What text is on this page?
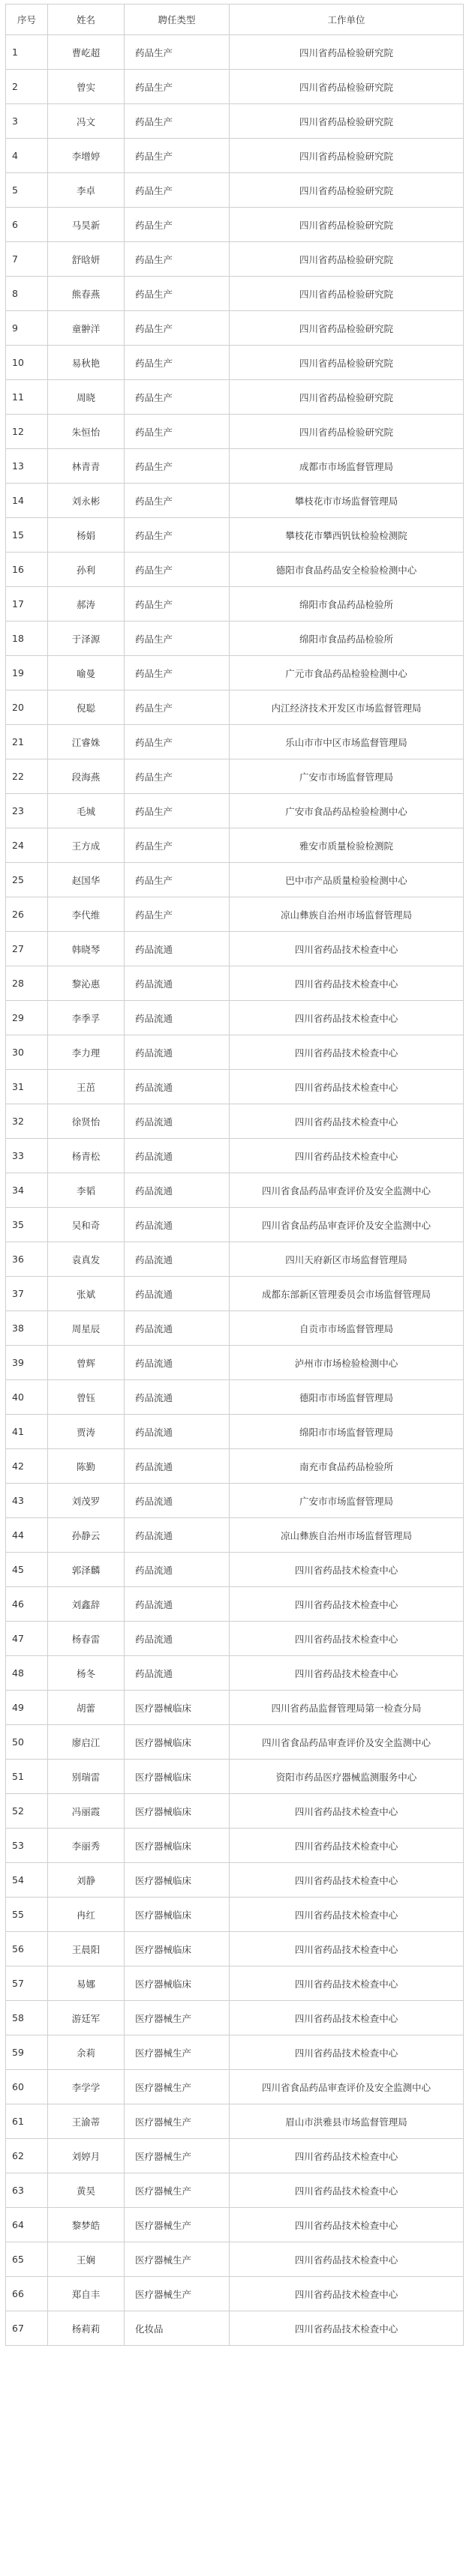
序号	姓名	聘任类型	工作单位
1	曹屹超	药品生产	四川省药品检验研究院
2	曾实	药品生产	四川省药品检验研究院
3	冯文	药品生产	四川省药品检验研究院
4	李增婷	药品生产	四川省药品检验研究院
5	李卓	药品生产	四川省药品检验研究院
6	马昊新	药品生产	四川省药品检验研究院
7	舒晗妍	药品生产	四川省药品检验研究院
8	熊春燕	药品生产	四川省药品检验研究院
9	童翀洋	药品生产	四川省药品检验研究院
10	易秋艳	药品生产	四川省药品检验研究院
11	周晓	药品生产	四川省药品检验研究院
12	朱恒怡	药品生产	四川省药品检验研究院
13	林青青	药品生产	成都市市场监督管理局
14	刘永彬	药品生产	攀枝花市市场监督管理局
15	杨娟	药品生产	攀枝花市攀西钒钛检验检测院
16	孙利	药品生产	德阳市食品药品安全检验检测中心
17	郝涛	药品生产	绵阳市食品药品检验所
18	于泽源	药品生产	绵阳市食品药品检验所
19	喻曼	药品生产	广元市食品药品检验检测中心
20	倪聪	药品生产	内江经济技术开发区市场监督管理局
21	江睿姝	药品生产	乐山市市中区市场监督管理局
22	段海燕	药品生产	广安市市场监督管理局
23	毛城	药品生产	广安市食品药品检验检测中心
24	王方成	药品生产	雅安市质量检验检测院
25	赵国华	药品生产	巴中市产品质量检验检测中心
26	李代维	药品生产	凉山彝族自治州市场监督管理局
27	韩晓琴	药品流通	四川省药品技术检查中心
28	黎沁惠	药品流通	四川省药品技术检查中心
29	李季孚	药品流通	四川省药品技术检查中心
30	李力理	药品流通	四川省药品技术检查中心
31	王茁	药品流通	四川省药品技术检查中心
32	徐贤怡	药品流通	四川省药品技术检查中心
33	杨青松	药品流通	四川省药品技术检查中心
34	李韬	药品流通	四川省食品药品审查评价及安全监测中心
35	吴和奇	药品流通	四川省食品药品审查评价及安全监测中心
36	袁真发	药品流通	四川天府新区市场监督管理局
37	张斌	药品流通	成都东部新区管理委员会市场监督管理局
38	周星辰	药品流通	自贡市市场监督管理局
39	曾辉	药品流通	泸州市市场检验检测中心
40	曾钰	药品流通	德阳市市场监督管理局
41	贾涛	药品流通	绵阳市市场监督管理局
42	陈勤	药品流通	南充市食品药品检验所
43	刘茂罗	药品流通	广安市市场监督管理局
44	孙静云	药品流通	凉山彝族自治州市场监督管理局
45	郭泽麟	药品流通	四川省药品技术检查中心
46	刘鑫辞	药品流通	四川省药品技术检查中心
47	杨春雷	药品流通	四川省药品技术检查中心
48	杨冬	药品流通	四川省药品技术检查中心
49	胡蕾	医疗器械临床	四川省药品监督管理局第一检查分局
50	廖启江	医疗器械临床	四川省食品药品审查评价及安全监测中心
51	别瑞雷	医疗器械临床	资阳市药品医疗器械监测服务中心
52	冯丽霞	医疗器械临床	四川省药品技术检查中心
53	李丽秀	医疗器械临床	四川省药品技术检查中心
54	刘静	医疗器械临床	四川省药品技术检查中心
55	冉红	医疗器械临床	四川省药品技术检查中心
56	王晨阳	医疗器械临床	四川省药品技术检查中心
57	易娜	医疗器械临床	四川省药品技术检查中心
58	游廷军	医疗器械生产	四川省药品技术检查中心
59	余莉	医疗器械生产	四川省药品技术检查中心
60	李学学	医疗器械生产	四川省食品药品审查评价及安全监测中心
61	王渝蒂	医疗器械生产	眉山市洪雅县市场监督管理局
62	刘婷月	医疗器械生产	四川省药品技术检查中心
63	黄昊	医疗器械生产	四川省药品技术检查中心
64	黎梦皓	医疗器械生产	四川省药品技术检查中心
65	王娴	医疗器械生产	四川省药品技术检查中心
66	郑自丰	医疗器械生产	四川省药品技术检查中心
67	杨莉莉	化妆品	四川省药品技术检查中心
